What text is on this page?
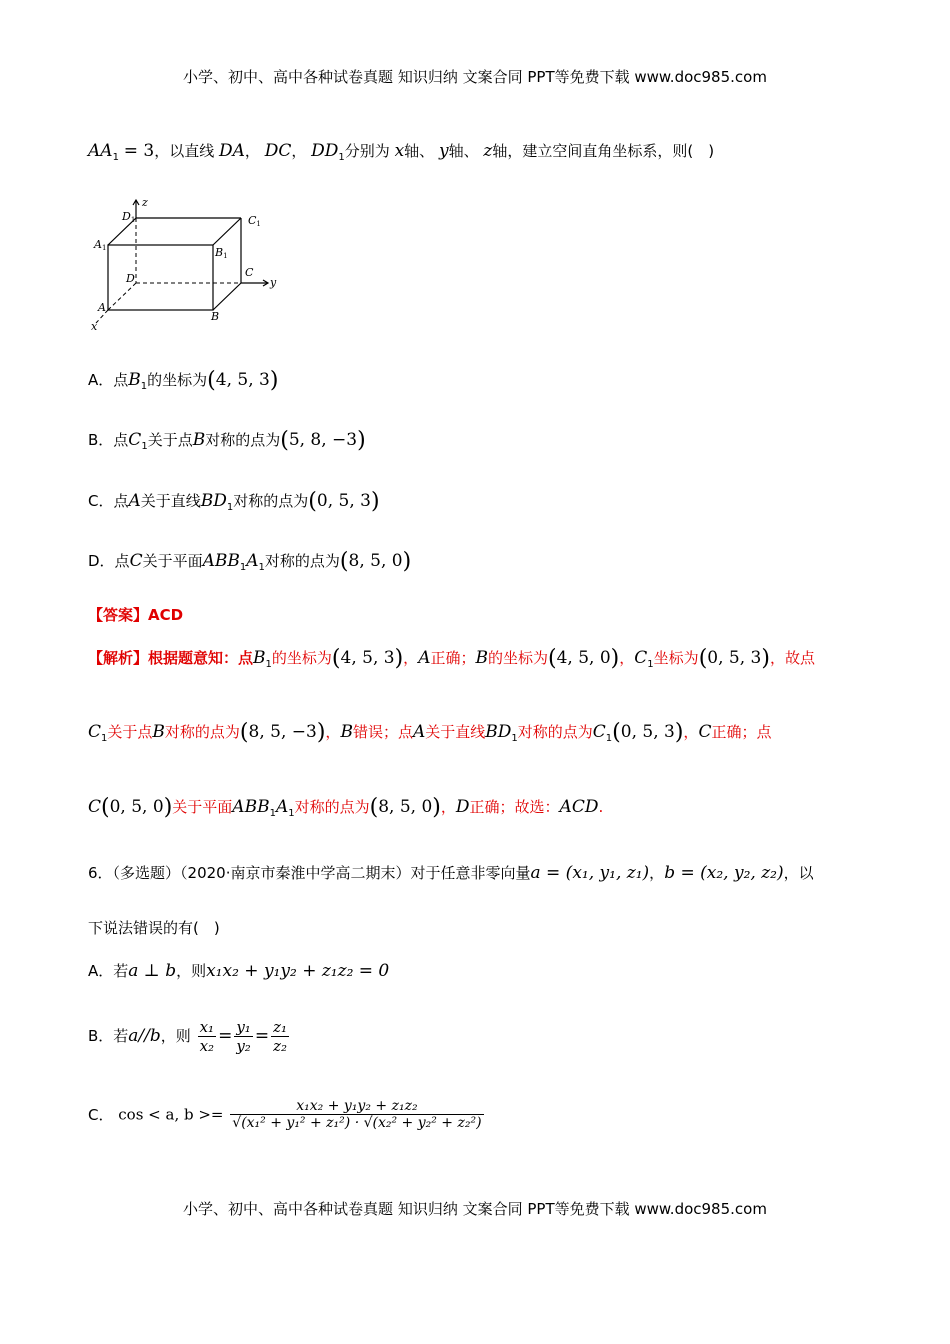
小学、初中、高中各种试卷真题 知识归纳 文案合同 PPT等免费下载 www.doc985.com
$AA_1 = 3$，以直线 DA， DC， $DD_1$分别为 x轴、 y轴、 z轴，建立空间直角坐标系，则(　)
z
y
x
D1	C1
A1	B1
D	C
A
B
A．点$B_1$的坐标为(4, 5, 3)
B．点$C_1$关于点B对称的点为(5, 8, −3)
C．点A关于直线$BD_1$对称的点为(0, 5, 3)
D．点C关于平面$ABB_1A_1$对称的点为(8, 5, 0)
【答案】ACD
【解析】根据题意知：点$B_1$的坐标为(4, 5, 3)，A正确；B的坐标为(4, 5, 0)，$C_1$坐标为(0, 5, 3)，故点
$C_1$关于点B对称的点为(8, 5, −3)，B错误；点A关于直线$BD_1$对称的点为$C_1(0$, 5, 3)，C正确；点
C(0, 5, 0)关于平面$ABB_1A_1$对称的点为(8, 5, 0)，D正确；故选：ACD.
6．（多选题）（2020·南京市秦淮中学高二期末）对于任意非零向量a = (x₁, y₁, z₁)，b = (x₂, y₂, z₂)，以
下说法错误的有(　)
A．若a ⊥ b，则x₁x₂ + y₁y₂ + z₁z₂ = 0
B．若a//b，则 $\frac{\text{x₁}}{\text{x₂}} = \frac{\text{y₁}}{\text{y₂}} = \frac{\text{z₁}}{\text{z₂}}$
C． cos < a, $b >= \frac{\text{x₁x₂ + y₁y₂ + z₁z₂}}{\text{√(x₁² + y₁² + z₁²) · √(x₂² + y₂² + z₂²)}}$
小学、初中、高中各种试卷真题 知识归纳 文案合同 PPT等免费下载 www.doc985.com
